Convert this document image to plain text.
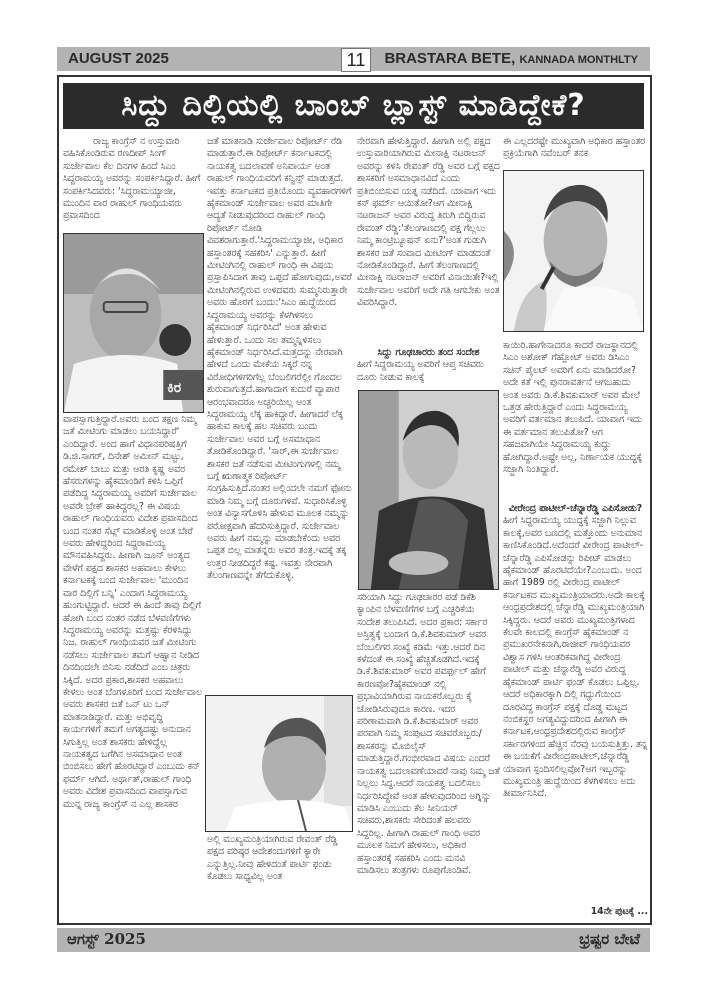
AUGUST 2025	11	BRASTARA BETE, KANNADA MONTHLTY
ಸಿದ್ದು ದಿಲ್ಲಿಯಲ್ಲಿ ಬಾಂಬ್ ಬ್ಲಾಸ್ಟ್ ಮಾಡಿದ್ದೇಕೆ?

ರಾಜ್ಯ ಕಾಂಗ್ರೆಸ್ ನ ಉಸ್ತುವಾರಿ ವಹಿಸಿಕೊಂಡಿರುವ ರಣದೀಪ್ ಸಿಂಗ್ ಸುರ್ಜೇವಾಲ ಕೆಲ ದಿನಗಳ ಹಿಂದೆ ಸಿಎಂ ಸಿದ್ದರಾಮಯ್ಯ ಅವರನ್ನು ಸಂಪರ್ಕಿಸಿದ್ದಾರೆ. ಹೀಗೆ ಸಂಪರ್ಕಿಸಿದವರು: 'ಸಿದ್ದರಾಮಯ್ಯಾಜೀ, ಮುಂದಿನ ವಾರ ರಾಹುಲ್ ಗಾಂಧಿಯವರು ಪ್ರವಾಸದಿಂದ

ಕಿರ

ವಾಪಸ್ಸಾಗುತ್ತಿದ್ದಾರೆ.ಅವರು ಬಂದ ತಕ್ಷಣ ನಿಮ್ಮ ಜತೆ ಮೀಟಿಂಗು ಮಾಡಲು ಬಯಸಿದ್ದಾರೆ' ಎಂದಿದ್ದಾರೆ. ಅಂದ ಹಾಗೆ ವಿಧಾನಪರಿಷತ್ತಿಗೆ ಡಿ.ಜಿ.ಸಾಗರ್, ದಿನೇಶ್ ಅಮೀನ್ ಮಟ್ಟು, ರಮೇಶ್ ಬಾಬು ಮತ್ತು ಆರತಿ ಕೃಷ್ಣ ಅವರ ಹೆಸರುಗಳನ್ನು ಹೈಕಮಾಂಡಿಗೆ ಕಳಿಸಿ ಒಪ್ಪಿಗೆ ಪಡೆದಿದ್ದ ಸಿದ್ದರಾಮಯ್ಯ ಅವರಿಗೆ ಸುರ್ಜೇವಾಲ ಅವರೇ ಬ್ರೇಕ್ ಹಾಕಿದ್ದರಲ್ಲ? ಈ ವಿಷಯ ರಾಹುಲ್ ಗಾಂಧಿಯವರು ವಿದೇಶ ಪ್ರವಾಸದಿಂದ ಬಂದ ನಂತರ ಸೆಟ್ಲ್ ಮಾಡಿಕೊಳ್ಳಿ ಅಂತ ಬೇರೆ ಅವರು ಹೇಳಿದ್ದರಿಂದ ಸಿದ್ದರಾಮಯ್ಯ ಮೌನವಹಿಸಿದ್ದರು. ಹೀಗಾಗಿ ಜೂನ್ ಅಂತ್ಯದ ವೇಳೆಗೆ ಪಕ್ಷದ ಶಾಸಕರ ಅಹವಾಲು ಕೇಳಲು ಕರ್ನಾಟಕಕ್ಕೆ ಬಂದ ಸುರ್ಜೇವಾಲ 'ಮುಂದಿನ ವಾರ ದಿಲ್ಲಿಗೆ ಬನ್ನಿ' ಎಂದಾಗ ಸಿದ್ದರಾಮಯ್ಯ ಹುಂಗುಟ್ಟಿದ್ದಾರೆ. ಆದರೆ ಈ ಹಿಂದೆ ತಾವು ದಿಲ್ಲಿಗೆ ಹೋಗಿ ಬಂದ ನಂತರ ನಡೆದ ಬೆಳವಣಿಗೆಗಳು ಸಿದ್ದರಾಮಯ್ಯ ಅವರನ್ನು ಮತ್ತಷ್ಟು ಕೆರಳಿಸಿದ್ದು ನಿಜ. ರಾಹುಲ್ ಗಾಂಧಿಯವರ ಜತೆ ಮೀಟಿಂಗು ನಡೆಸಲು ಸುರ್ಜೇವಾಲ ತಮಗೆ ಆಹ್ವಾನ ನೀಡಿದ ದಿನದಿಂದಲೇ ಬಿನಿಸು ನಡೆದಿದೆ ಎಂಬ ಚಿತ್ರರು ಸಿಕ್ಕಿದೆ. ಅದರ ಪ್ರಕಾರ,ಶಾಸಕರ ಅಹವಾಲು ಕೇಳಲು ಅಂತ ಬೆಂಗಳೂರಿಗೆ ಬಂದ ಸುರ್ಜೇವಾಲ ಅವರು ಶಾಸಕರ ಜತೆ ಒನ್ ಟು ಒನ್ ಮಾತನಾಡಿದ್ದಾರೆ. ಮತ್ತು ಅಭಿವೃದ್ಧಿ ಕಾರ್ಯಗಳಿಗೆ ತಮಗೆ ಅಗತ್ಯದಷ್ಟು ಅನುದಾನ ಸಿಗುತ್ತಿಲ್ಲ ಅಂತ ಶಾಸಕರು ಹೇಳಿದ್ದೆಲ್ಲ ನಾಯಕತ್ವದ ಬಗೆಗಿನ ಅಸಮಾಧಾನ ಅಂತ ಬಿಂಬಿಸಲು ಹೇಗೆ ಹೊರಟಿದ್ದಾರೆ ಎಂಬುದು ಕನ್ ಫರ್ಮ್ ಆಗಿದೆ. ಅರ್ಥಾತ್,ರಾಹುಲ್ ಗಾಂಧಿ ಅವರು ವಿದೇಶ ಪ್ರವಾಸದಿಂದ ವಾಪಸ್ಸಾಗುವ ಮುನ್ನ ರಾಜ್ಯ ಕಾಂಗ್ರೆಸ್ ನ ಎಲ್ಲ ಶಾಸಕರ

ಜತೆ ಮಾತನಾಡಿ ಸುರ್ಜೇವಾಲ ರಿಪೋರ್ಟ್ ರೆಡಿ ಮಾಡುತ್ತಾರೆ.ಈ ರಿಪೋರ್ಟ್ ಕರ್ನಾಟಕದಲ್ಲಿ ನಾಯಕತ್ವ ಬದಲಾವಣೆ ಅನಿವಾರ್ಯ ಅಂತ ರಾಹುಲ್ ಗಾಂಧಿಯವರಿಗೆ ಕನ್ವಿನ್ಸ್ ಮಾಡುತ್ತದೆ. ಇವತ್ತು ಕರ್ನಾಟಕದ ಪ್ರತಿಯೊಂದು ವ್ಯವಹಾರಗಳಿಗೆ ಹೈಕಮಾಂಡ್ ಸುರ್ಜೇವಾಲ ಅವರ ಮಾತಿಗೇ ಆದ್ಯತೆ ನೀಡುವುದರಿಂದ ರಾಹುಲ್ ಗಾಂಧಿ ರಿಪೋರ್ಟ್ ನೋಡಿ ವಿವಶರಾಗುತ್ತಾರೆ.'ಸಿದ್ದರಾಮಯ್ಯಾಜೀ, ಅಧಿಕಾರ ಹಸ್ತಾಂತರಕ್ಕೆ ಸಹಕರಿಸಿ' ಎನ್ನುತ್ತಾರೆ. ಹೀಗೆ ಮೀಟಿಂಗಿನಲ್ಲಿ ರಾಹುಲ್ ಗಾಂಧಿ ಈ ವಿಷಯ ಪ್ರಸ್ತಾಪಿಸಿದಾಗ ತಾವು ಒಪ್ಪದೆ ಹೋಗುವುದು,ಅವರೆ ಮೀಟಿಂಗಿನಲ್ಲಿರುವ ಉಳಿದವರು ಸುಮ್ಮನಿರುತ್ತಾರೇ ಅವರು ಹೊರಗೆ ಬಂದು:'ಸಿಎಂ ಹುದ್ದೆಯಿಂದ ಸಿದ್ದರಾಮಯ್ಯ ಅವರನ್ನು ಕೆಳಗಿಳಿಸಲು ಹೈಕಮಾಂಡ್ ನಿರ್ಧರಿಸಿದೆ' ಅಂತ ಹೇಳುವ ಹೇಳುತ್ತಾರೆ. ಒಂದು ಸಲ ತಮ್ಮನ್ನಿಳಿಸಲು ಹೈಕಮಾಂಡ್ ನಿರ್ಧರಿಸಿದೆ.ಮತ್ತದನ್ನು ನೇರವಾಗಿ ಹೇಳದೆ ಒಂದು ಮೇಕೆಯ ಸಿಕ್ಕರೆ ನನ್ನ ವಿರೋಧಿಗಳಿಗರಿಗೆಲ್ಲ ಬೆಂಬಲಿಗರೆಲ್ಲೀ ಗೊಂದಲ ಶುರುವಾಗುತ್ತದೆ.ಹಾಗಾದಾಗ ಕುದುರೆ ವ್ಯಾಪಾರ ಆರಂಭವಾದರೂ ಅಚ್ಚರಿಯಿಲ್ಲ ಅಂತ ಸಿದ್ದರಾಮಯ್ಯ ಲೆಕ್ಕ ಹಾಕಿದ್ದಾರೆ. ಹೀಗಾದರೆ ಲೆಕ್ಕ ಹಾಕುವ ಕಾಲಕ್ಕೆ ಹಲ ಸಚಿವರು ಬಂದು ಸುರ್ಜೇವಾಲ ಅವರ ಬಗ್ಗೆ ಅಸಮಾಧಾನ ತೋಡಿಕೊಂಡಿದ್ದಾರೆ. 'ಸಾರ್,ಈ ಸುರ್ಜೇವಾಲ ಶಾಸಕರ ಜತೆ ನಡೆಸುವ ಮೀಟಿಂಗುಗಳಲ್ಲಿ ನಮ್ಮ ಬಗ್ಗೆ ಋಣಾತ್ಮಕ ರಿಪೋರ್ಟ್ ಸಂಗ್ರಹಿಸುತ್ತಿದೆ.ನಂತರ ಅಲ್ಲಿಂದಲೇ ನಮಗೆ ಫೋನು ಮಾಡಿ ನಿಮ್ಮ ಬಗ್ಗೆ ದೂರುಗಳಿವೆ. ಸುಧಾರಿಸಿಕೊಳ್ಳಿ ಅಂತ ವಿನ್ಯಾಸಗೊಳಿಸಿ ಹೇಳುವ ಮೂಲಕ ನಮ್ಮನ್ನು ಪರೋಕ್ಷವಾಗಿ ಹೆದರಿಸುತ್ತಿದ್ದಾರೆ. ಸುರ್ಜೇವಾಲ ಅವರು ಹೀಗೆ ನಮ್ಮನ್ನು ಮಾಡಬೇಕೆಂದು ಅವರ ಒಪ್ಪತ ಬಿಲ್ಲ ಮಾತನ್ನರು ಅವರ ತಂತ್ರ.ಇದಕ್ಕೆ ತಕ್ಕ ಉತ್ತರ ನೀಡದಿದ್ದರೆ ಕಷ್ಟ. ಇವತ್ತು ನೇರವಾಗಿ ತೆಲಂಗಾಣವನ್ನೇ ತೆಗೆದುಕೊಳ್ಳಿ.

ಅಲ್ಲಿ ಮುಖ್ಯಮಂತ್ರಿಯಾಗಿರುವ ರೇವಂತ್ ರೆಡ್ಡಿ ಪಕ್ಷದ ವರಿಷ್ಠರ ಆದೇಶಂದುಗಳಿಗೆ ಕ್ಯಾರೇ ಎನ್ನುತ್ತಿಲ್ಲ.ನೀವು ಹೇಳಿದಂತೆ ಪಾರ್ಟಿ ಫಂಡು ಕೊಡಲು ಸಾಧ್ಯವಿಲ್ಲ ಅಂತ

ನೇರವಾಗಿ ಹೇಳುತ್ತಿದ್ದಾರೆ. ಹೀಗಾಗಿ ಅಲ್ಲಿ ಪಕ್ಷದ ಉಸ್ತುವಾರಿಯಾಗಿರುವ ಮೀನಾಕ್ಷಿ ನಟರಾಜನ್ ಅವರನ್ನು ಕಳಿಸಿ ರೇವಂತ್ ರೆಡ್ಡಿ ಅವರ ಬಗ್ಗೆ ಪಕ್ಷದ ಶಾಸಕರಿಗೆ ಅಸಮಾಧಾನವಿದೆ ಎಂದು ಪ್ರತಿಬಿಂಬಿಸುವ ಯತ್ನ ನಡೆದಿದೆ. ಯಾವಾಗ ಇದು ಕನ್ ಫರ್ಮ್ ಆಯಿತೋ?ಆಗ ಮೀನಾಕ್ಷಿ ನಟರಾಜನ್ ಅವರ ವಿರುದ್ಧ ತಿರುಗಿ ಬಿದ್ದಿರುವ ರೇವಂತ್ ರೆಡ್ಡಿ:'ತೆಲಂಗಾಣದಲ್ಲಿ ಪಕ್ಷ ಗೆಲ್ಲಲು ನಿಮ್ಮ ಕಾಂಟ್ರಿಬ್ಯೂಷನ್ ಏನು?'ಅಂತ ಗುಡುಗಿ ಶಾಸಕರ ಜತೆ ಸಂವಾದ ಮೀಟಿಂಗ್ ಮಾಡದಂತೆ ನೋಡಿಕೊಂಡಿದ್ದಾರೆ. ಹೀಗೆ ತೆಲಂಗಾಣದಲ್ಲಿ ಮೀನಾಕ್ಷಿ ನಟರಾಜನ್ ಅವರಿಗೆ ವಿನಾಯಿತೇ?ಇಲ್ಲಿ ಸುರ್ಜೇವಾಲ ಅವರಿಗೆ ಅದೇ ಗತಿ ಆಗಬೇಕು ಅಂತ ವಿವರಿಸಿದ್ದಾರೆ.

ಸಿದ್ದು ಗೂಢಚಾರರು ತಂದ ಸಂದೇಶ

ಹೀಗೆ ಸಿದ್ದರಾಮಯ್ಯ ಅವರಿಗೆ ಆಪ್ತ ಸಚಿವರು ದೂರು ನೀಡುವ ಕಾಲಕ್ಕೆ

ಸರಿಯಾಗಿ ಸಿದ್ದು ಗೂಢಚಾರರ ಪಡೆ ಡಿಕೆಶಿ ಕ್ಯಾಂಪಿನ ಬೆಳವಣಿಗೆಗಳ ಬಗ್ಗೆ ಎಚ್ಚರಿಕೆಯ ಸಂದೇಶ ತಲುಪಿಸಿದೆ. ಅದರ ಪ್ರಕಾರ: ಸರ್ಕಾರ ಅಸ್ತಿತ್ವಕ್ಕೆ ಬಂದಾಗ ಡಿ.ಕೆ.ಶಿವಕುಮಾರ್ ಅವರ ಬೆಂಬಲಿಗರ ಸಂಖ್ಯೆ ಕಡಿಮೆ ಇತ್ತು.ಆದರೆ ದಿನ ಕಳೆದಂತೆ ಈ ಸಂಖ್ಯೆ ಹೆಚ್ಚತೊಡಗಿದೆ.ಇದಕ್ಕೆ ಡಿ.ಕೆ.ಶಿವಕುಮಾರ್ ಅವರ ಪವರ್ಫುಲ್ ಹೇಗೆ ಕಾರಣವೋ?ಹೈಕಮಾಂಡ್ ನಲ್ಲಿ ಪ್ರಭಾವಿಯಾಗಿರುವ ನಾಯಕರೊಬ್ಬರು ಕೈ ಜೋಡಿಸಿರುವುದೂ ಕಾರಣ. ಇದರ ಪರಿಣಾಮವಾಗಿ ಡಿ.ಕೆ.ಶಿವಕುಮಾರ್ ಅವರ ಪರವಾಗಿ ನಿಮ್ಮ ಸಂಪುಟದ ಸಚಿವರೊಬ್ಬರು/ ಶಾಸಕರನ್ನು ಮೊಬಿಲೈಸ್ ಮಾಡುತ್ತಿದ್ದಾರೆ.ಗಂಭೀರವಾದ ವಿಷಯ ಎಂದರೆ ನಾಯಕತ್ವ ಬದಲಾವಣೆಯಾದರೆ ನಾವು ನಿಮ್ಮ ಜತೆ ನಿಲ್ಲಲು ಸಿದ್ಧ.ಆದರೆ ನಾಯಕತ್ವ ಬದಲಿಸಲು ನಿರ್ಧರಿಸಿದ್ದೇವೆ ಅಂತ ಹೇಳುವುದರಿಂದ ಅಗ್ನಿನ್ನು ಮಾಡಿಸಿ ಎಂಬುದು ಕೆಲ ಸೀನಿಯರ್ ಸಚಿವರು,ಶಾಸಕರು ಸೇರಿದಂತೆ ಹಲವರು ಸಿದ್ಧರಿಲ್ಲ. ಹೀಗಾಗಿ ರಾಹುಲ್ ಗಾಂಧಿ ಅವರ ಮೂಲಕ ನಿಮಗೆ ಹೇಳಿಸಲು, ಅಧಿಕಾರ ಹಸ್ತಾಂತರಕ್ಕೆ ಸಹಕರಿಸಿ ಎಂದು ಮನವಿ ಮಾಡಿಸಲು ತಂತ್ರಗಳು ರೂಪುಗೊಂಡಿವೆ.

ಈ ಎಲ್ಲದರಷ್ಟೇ ಮುಖ್ಯವಾಗಿ ಅಧಿಕಾರ ಹಸ್ತಾಂತರ ಪ್ರಕ್ರಿಯೆಗಾಗಿ ನವೆಂಬರ್ ತನಕ

ಕಾಯಿರಿ.ಹಾಗೇನಾದರೂ ಕಾದರೆ ರಾಜಸ್ಥಾನದಲ್ಲಿ ಸಿಎಂ ಅಶೋಕ್ ಗೆಹ್ಲೋಟ್ ಅವರು ಡಿಸಿಎಂ ಸಚಿನ್ ಪೈಲಟ್ ಅವರಿಗೆ ಏನು ಮಾಡಿದರೋ?ಅದೇ ಕತೆ ಇಲ್ಲಿ ಪುನರಾವರ್ತನೆ ಆಗಬಹುದು ಅಂತ ಅವರು ಡಿ.ಕೆ.ಶಿವಕುಮಾರ್ ಅವರ ಮೇಲೆ ಒತ್ತಡ ಹೇರುತ್ತಿದ್ದಾರೆ ಎಂದು ಸಿದ್ದರಾಮಯ್ಯ ಅವರಿಗೆ ವರ್ತಮಾನ ತಲುಪಿದೆ. ಯಾವಾಗ ಇದು ಈ ವರ್ತಮಾನ ತಲುಪಿತೋ? ಆಗ ಸಹಜವಾಗಿಯೇ ಸಿದ್ದರಾಮಯ್ಯ ಕುದ್ದು ಹೋಗಿದ್ದಾರೆ.ಅಷ್ಟೇ ಅಲ್ಲ, ನಿರ್ಣಾಯಕ ಯುದ್ಧಕ್ಕೆ ಸಜ್ಜಾಗಿ ನಿಂತಿದ್ದಾರೆ.

ವೀರೇಂದ್ರ ಪಾಟೀಲ್-ಚೆನ್ನಾರೆಡ್ಡಿ ಎಪಿಸೋಡು?

ಹೀಗೆ ಸಿದ್ದರಾಮಯ್ಯ ಯುದ್ಧಕ್ಕೆ ಸಜ್ಜಾಗಿ ನಿಲ್ಲುವ ಕಾಲಕ್ಕೆ,ಅವರ ಬಣದಲ್ಲಿ ಮತ್ತೊಂದು ಅನುಮಾನ ಕಾಣಿಸಿಕೊಂಡಿದೆ.ಅದೆಂದರೆ ವೀರೇಂದ್ರ ಪಾಟೀಲ್-ಚೆನ್ನಾರೆಡ್ಡಿ ಎಪಿಸೋಡನ್ನು ರಿಪೀಟ್ ಮಾಡಲು ಹೈಕಮಾಂಡ್ ಹೊರಟಿದೆಯೇ?ಎಂಬುದು. ಅಂದ ಹಾಗೆ 1989 ರಲ್ಲಿ ವೀರೇಂದ್ರ ಪಾಟೀಲ್ ಕರ್ನಾಟಕದ ಮುಖ್ಯಮಂತ್ರಿಯಾದರು.ಅದೇ ಕಾಲಕ್ಕೆ ಆಂಧ್ರಪ್ರದೇಶದಲ್ಲಿ ಚೆನ್ನಾರೆಡ್ಡಿ ಮುಖ್ಯಮಂತ್ರಿಯಾಗಿ ಸಿಕ್ಕಿದ್ದರು. ಆದರೆ ಅವರು ಮುಖ್ಯಮಂತ್ರಿಗಳಾದ ಕೆಲವೇ ಕಾಲದಲ್ಲಿ ಕಾಂಗ್ರೆಸ್ ಹೈಕಮಾಂಡ್ ನ ಪ್ರಮುಖರನೇಕನಾಗಿ,ರಾಜೀವ್ ಗಾಂಧಿಯವರ ವಿಶ್ವಾಸ ಗಳಿಸಿ ಆಂತರಿಕವಾಗಿದ್ದ ವೀರೇಂದ್ರ ಪಾಟೀಲ್ ಮತ್ತು ಚೆನ್ನಾರೆಡ್ಡಿ ಅವರ ವಿರುದ್ಧ ಹೈಕಮಾಂಡ್ ಪಾರ್ಟಿ ಫಂಡ್ ಕೊಡಲು ಒಪ್ಪಿಲ್ಲ. ಆದರೆ ಅಧಿಕಾರಕ್ಕಾಗಿ ದಿಲ್ಲಿ ಗದ್ದುಗೆಯಿಂದ ದೂರವಿದ್ದ ಕಾಂಗ್ರೆಸ್ ಪಕ್ಷಕ್ಕೆ ದೊಡ್ಡ ಮಟ್ಟದ ನಂಬಿಕಸ್ಥರ ಅಗತ್ಯವಿದ್ದುದರಿಂದ ಹೀಗಾಗಿ ಈ ಕರ್ನಾಟಕ,ಆಂಧ್ರಪ್ರದೇಶದಲ್ಲಿರುವ ಕಾಂಗ್ರೆಸ್ ಸರ್ಕಾರಗಳಿಂದ ಹೆಚ್ಚಿನ ನೆರವು ಬಯಸುತ್ತಿತ್ತು. ತನ್ನ ಈ ಬಯಕೆಗೆ ವೀರೇಂದ್ರಪಾಟೀಲ್,ಚೆನ್ನಾರೆಡ್ಡಿ ಯಾವಾಗ ಸ್ಪಂದಿಸಲಿಲ್ಲವೋ?ಆಗ ಇಬ್ಬರನ್ನು ಮುಖ್ಯಮಂತ್ರಿ ಹುದ್ದೆಯಿಂದ ಕೆಳಗಿಳಿಸಲು ಅದು ತೀರ್ಮಾನಿಸಿದೆ.

14ನೇ ಪುಟಕ್ಕೆ ...

ಆಗಸ್ಟ್ 2025	ಭ್ರಷ್ಟರ ಬೇಟೆ
